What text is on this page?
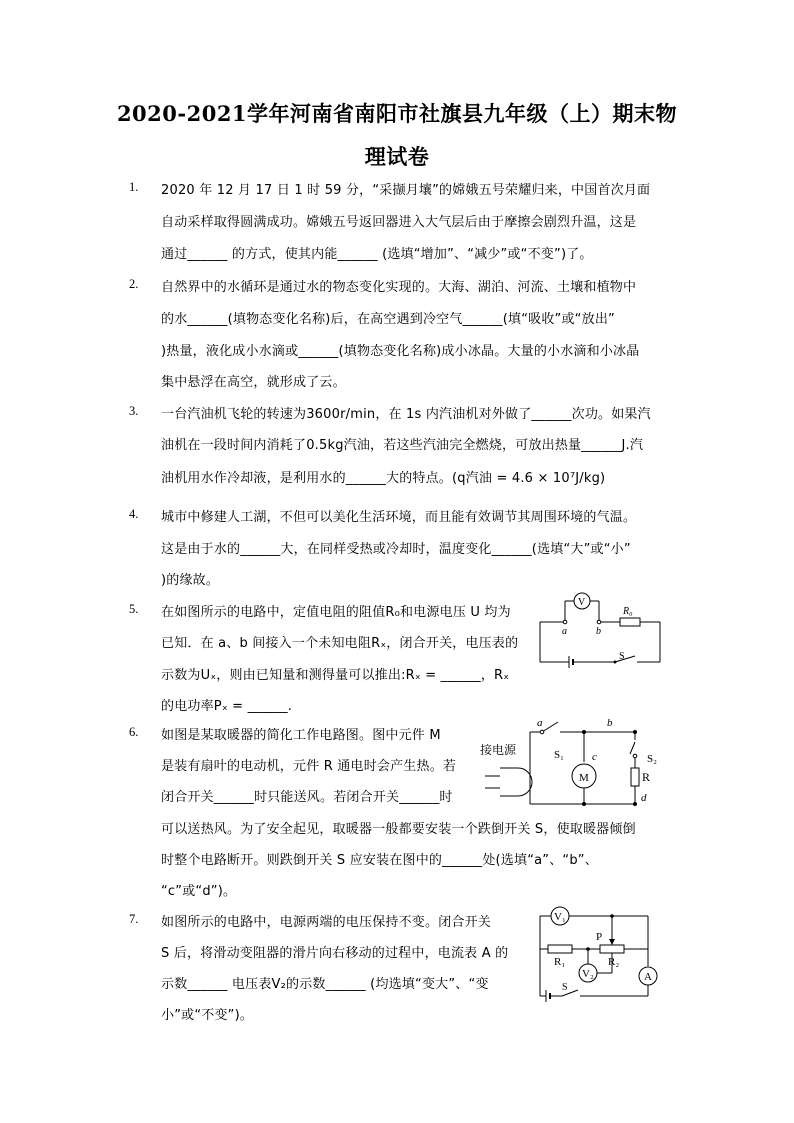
2020-2021学年河南省南阳市社旗县九年级（上）期末物
理试卷
1. 2020 年 12 月 17 日 1 时 59 分，“采撷月壤”的嫦娥五号荣耀归来，中国首次月面
自动采样取得圆满成功。嫦娥五号返回器进入大气层后由于摩擦会剧烈升温，这是
通过______ 的方式，使其内能______ (选填“增加”、“减少”或“不变”)了。
2. 自然界中的水循环是通过水的物态变化实现的。大海、湖泊、河流、土壤和植物中
的水______(填物态变化名称)后，在高空遇到冷空气______(填“吸收”或“放出”
)热量，液化成小水滴或______(填物态变化名称)成小冰晶。大量的小水滴和小冰晶
集中悬浮在高空，就形成了云。
3. 一台汽油机飞轮的转速为3600r/min，在 1s 内汽油机对外做了______次功。如果汽
油机在一段时间内消耗了0.5kg汽油，若这些汽油完全燃烧，可放出热量______J.汽
油机用水作冷却液，是利用水的______大的特点。(q汽油 = 4.6 × 10⁷J/kg)
4. 城市中修建人工湖，不但可以美化生活环境，而且能有效调节其周围环境的气温。
这是由于水的______大，在同样受热或冷却时，温度变化______(选填“大”或“小”
)的缘故。
5. 在如图所示的电路中，定值电阻的阻值R₀和电源电压 U 均为
已知．在 a、b 间接入一个未知电阻Rₓ，闭合开关，电压表的
示数为Uₓ，则由已知量和测得量可以推出:Rₓ = ______，Rₓ
的电功率Pₓ = ______.
V
R₀
a	b
S
6. 如图是某取暖器的简化工作电路图。图中元件 M
是装有扇叶的电动机，元件 R 通电时会产生热。若
闭合开关______时只能送风。若闭合开关______时
可以送热风。为了安全起见，取暖器一般都要安装一个跌倒开关 S，使取暖器倾倒
时整个电路断开。则跌倒开关 S 应安装在图中的______处(选填“a”、“b”、
“c”或“d”)。
接电源
a	b
c
d
S₁	S₂
M	R
7. 如图所示的电路中，电源两端的电压保持不变。闭合开关
S 后，将滑动变阻器的滑片向右移动的过程中，电流表 A 的
示数______ 电压表V₂的示数______ (均选填“变大”、“变
小”或“不变”)。
V₁
V₂	A
P
R₁	R₂
S
